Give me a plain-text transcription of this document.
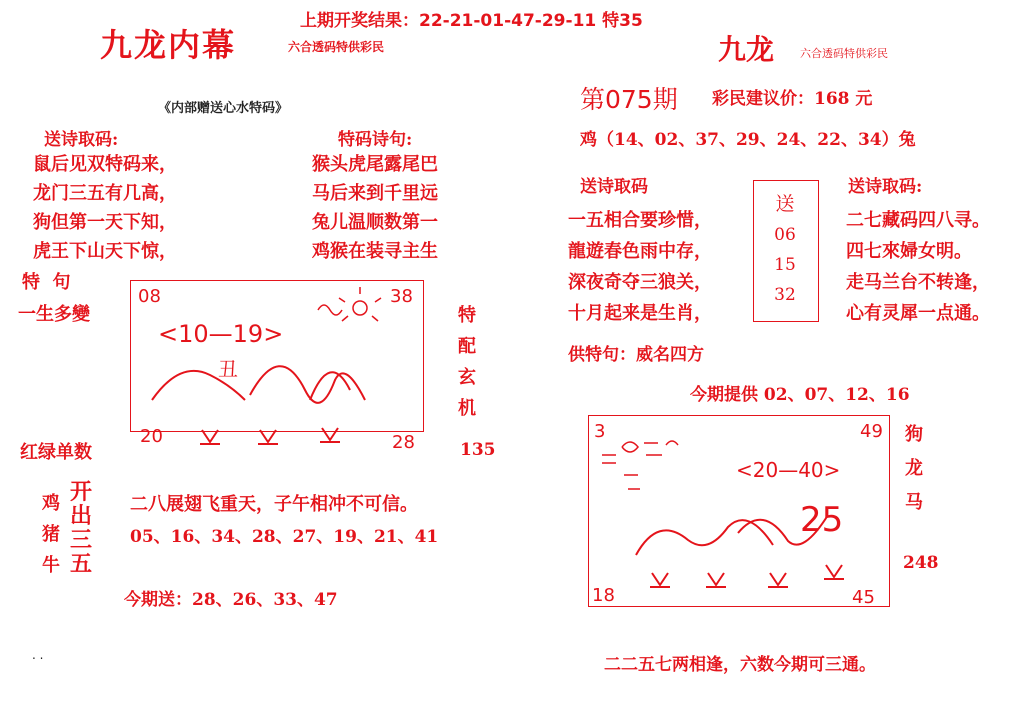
上期开奖结果：22-21-01-47-29-11 特35
九龙内幕	六合透码特供彩民
《内部赠送心水特码》
送诗取码:	特码诗句:
鼠后见双特码来，
龙门三五有几高，
狗但第一天下知，
虎王下山天下惊，
猴头虎尾露尾巴
马后来到千里远
兔儿温顺数第一
鸡猴在装寻主生
特  句
一生多變
08	38
<10—19>
丑
20	28
特
配
玄
机
红绿单数	135
鸡
猪
牛
开
出
三
五
二八展翅飞重天，子午相冲不可信。
05、16、34、28、27、19、21、41
今期送：28、26、33、47
. .
九龙 六合透码特供彩民
第075期 彩民建议价：168 元
鸡（14、02、37、29、24、22、34）兔
送诗取码	送诗取码:
一五相合要珍惜，
龍遊春色雨中存，
深夜奇夺三狼关，
十月起来是生肖，
送
06
15
32
二七藏码四八寻。
四七來婦女明。
走马兰台不转逢，
心有灵犀一点通。
供特句：威名四方
今期提供 02、07、12、16
3	49
<20—40>
25
18	45
狗
龙
马
248
二二五七两相逢，六数今期可三通。
